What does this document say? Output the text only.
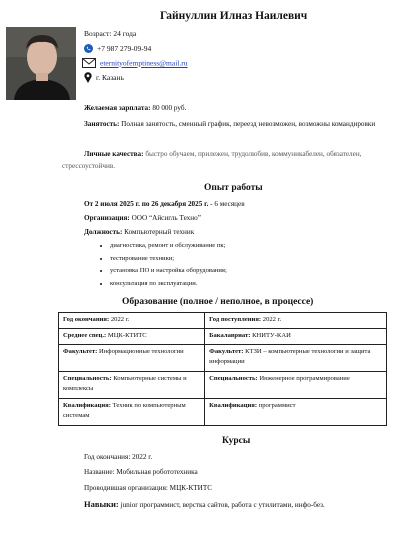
Гайнуллин Илназ Наилевич
Возраст: 24 года
+7 987 279-09-94
eternityofemptiness@mail.ru
г. Казань
Желаемая зарплата: 80 000 руб.
Занятость: Полная занятость, сменный график, переезд невозможен, возможны командировки
Личные качества: быстро обучаем, прилежен, трудолюбив, коммуникабелен, обязателен, стрессоустойчив.
Опыт работы
От 2 июля 2025 г. по 26 декабря 2025 г. - 6 месяцев
Организация: ООО “Айсигль Техно”
Должность: Компьютерный техник
• диагностика, ремонт и обслуживание пк;
• тестирование техники;
• установка ПО и настройка оборудования;
• консультация по эксплуатации.
Образование (полное / неполное, в процессе)
Год окончания: 2022 г.	Год поступления: 2022 г.
Среднее спец.: МЦК-КТИТС	Бакалавриат: КНИТУ-КАИ
Факультет: Информационные технологии	Факультет: КТЗИ – компьютерные технологии и защита информации
Специальность: Компьютерные системы и комплексы	Специальность: Инженерное программирование
Квалификация: Техник по компьютерным системам	Квалификация: программист
Курсы
Год окончания: 2022 г.
Название: Мобильная робототехника
Проводившая организация: МЦК-КТИТС
Навыки: junior программист, верстка сайтов, работа с утилитами, инфо-без.
